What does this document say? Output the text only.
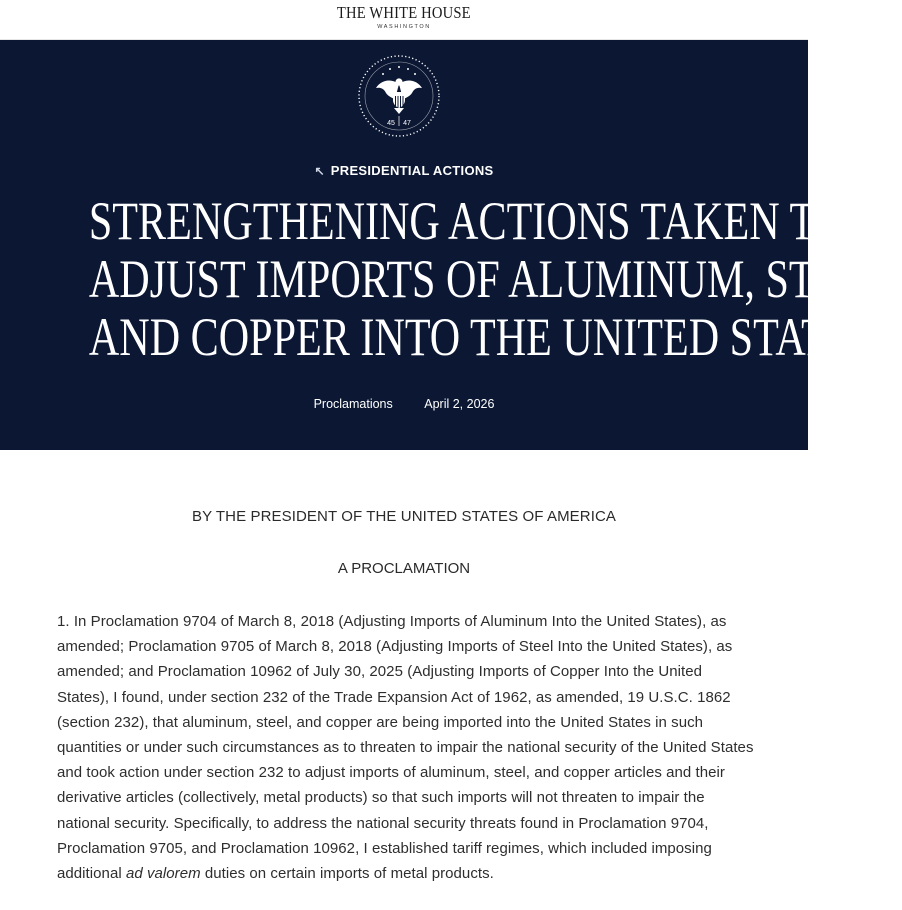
THE WHITE HOUSE
WASHINGTON
45 47
↖ PRESIDENTIAL ACTIONS
STRENGTHENING ACTIONS TAKEN TO
ADJUST IMPORTS OF ALUMINUM, STEEL,
AND COPPER INTO THE UNITED STATES
Proclamations	April 2, 2026
BY THE PRESIDENT OF THE UNITED STATES OF AMERICA
A PROCLAMATION

1. In Proclamation 9704 of March 8, 2018 (Adjusting Imports of Aluminum Into the United States), as amended; Proclamation 9705 of March 8, 2018 (Adjusting Imports of Steel Into the United States), as amended; and Proclamation 10962 of July 30, 2025 (Adjusting Imports of Copper Into the United States), I found, under section 232 of the Trade Expansion Act of 1962, as amended, 19 U.S.C. 1862 (section 232), that aluminum, steel, and copper are being imported into the United States in such quantities or under such circumstances as to threaten to impair the national security of the United States and took action under section 232 to adjust imports of aluminum, steel, and copper articles and their derivative articles (collectively, metal products) so that such imports will not threaten to impair the national security. Specifically, to address the national security threats found in Proclamation 9704, Proclamation 9705, and Proclamation 10962, I established tariff regimes, which included imposing additional ad valorem duties on certain imports of metal products.
